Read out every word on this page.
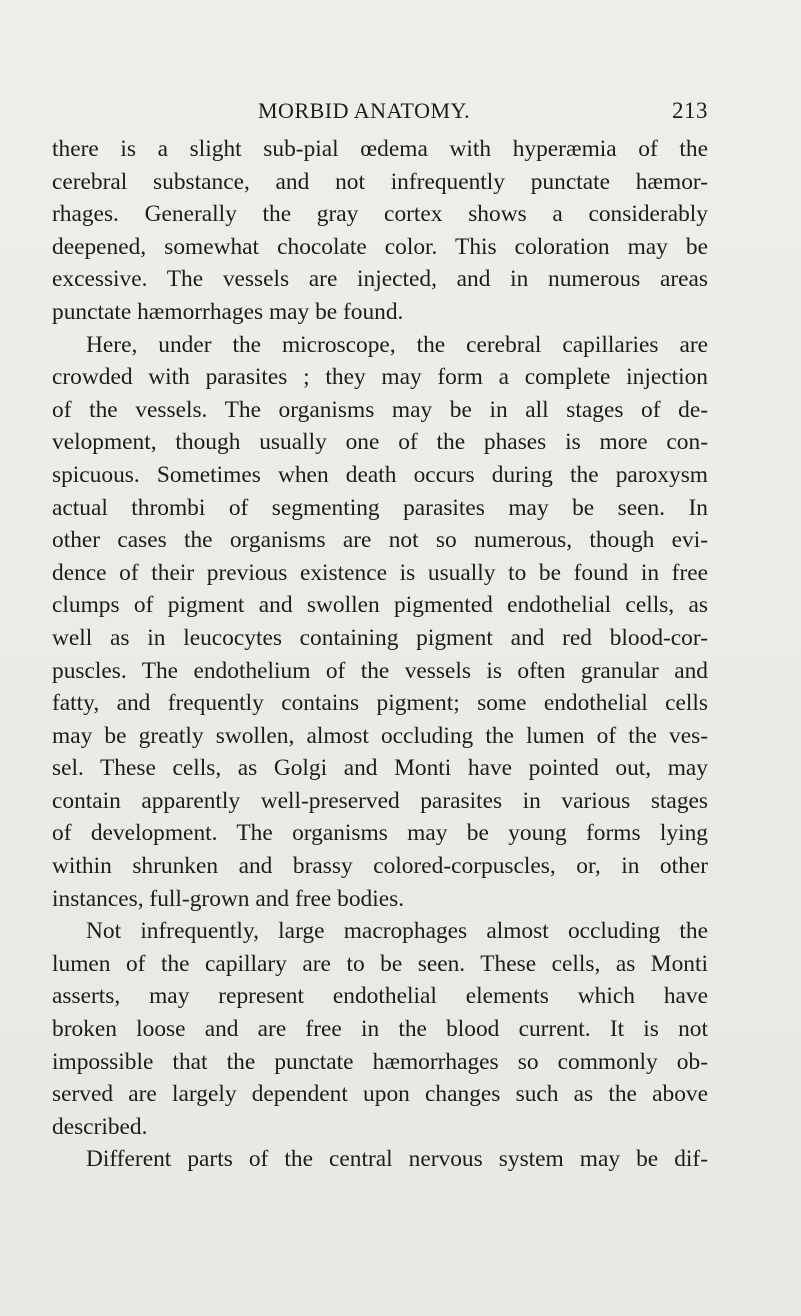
MORBID ANATOMY.	213
there is a slight sub-pial œdema with hyperæmia of the
cerebral substance, and not infrequently punctate hæmor-
rhages. Generally the gray cortex shows a considerably
deepened, somewhat chocolate color. This coloration may be
excessive. The vessels are injected, and in numerous areas
punctate hæmorrhages may be found.
Here, under the microscope, the cerebral capillaries are
crowded with parasites ; they may form a complete injection
of the vessels. The organisms may be in all stages of de-
velopment, though usually one of the phases is more con-
spicuous. Sometimes when death occurs during the paroxysm
actual thrombi of segmenting parasites may be seen. In
other cases the organisms are not so numerous, though evi-
dence of their previous existence is usually to be found in free
clumps of pigment and swollen pigmented endothelial cells, as
well as in leucocytes containing pigment and red blood-cor-
puscles. The endothelium of the vessels is often granular and
fatty, and frequently contains pigment; some endothelial cells
may be greatly swollen, almost occluding the lumen of the ves-
sel. These cells, as Golgi and Monti have pointed out, may
contain apparently well-preserved parasites in various stages
of development. The organisms may be young forms lying
within shrunken and brassy colored-corpuscles, or, in other
instances, full-grown and free bodies.
Not infrequently, large macrophages almost occluding the
lumen of the capillary are to be seen. These cells, as Monti
asserts, may represent endothelial elements which have
broken loose and are free in the blood current. It is not
impossible that the punctate hæmorrhages so commonly ob-
served are largely dependent upon changes such as the above
described.
Different parts of the central nervous system may be dif-
